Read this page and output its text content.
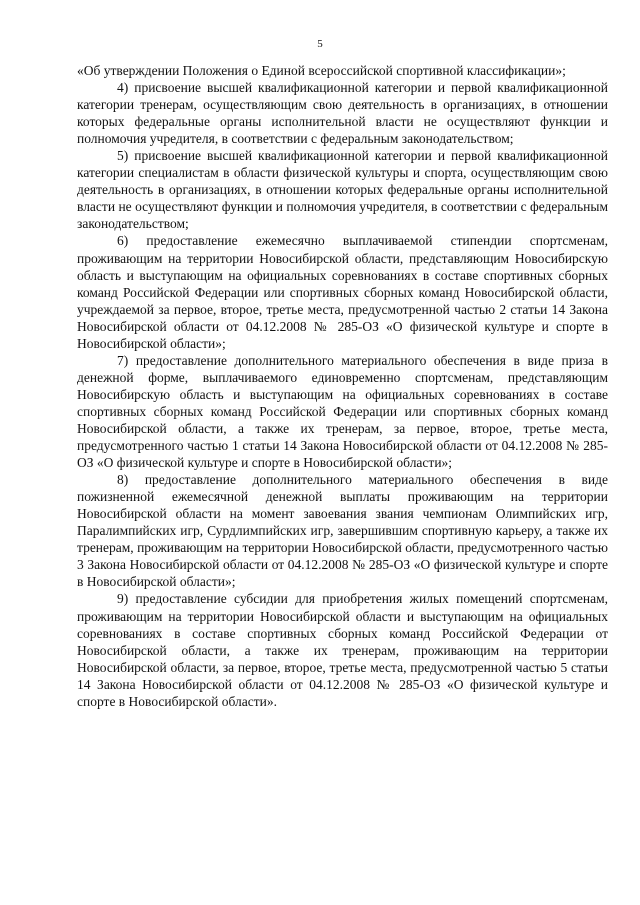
5

«Об утверждении Положения о Единой всероссийской спортивной классификации»;

4) присвоение высшей квалификационной категории и первой квалификационной категории тренерам, осуществляющим свою деятельность в организациях, в отношении которых федеральные органы исполнительной власти не осуществляют функции и полномочия учредителя, в соответствии с федеральным законодательством;

5) присвоение высшей квалификационной категории и первой квалификационной категории специалистам в области физической культуры и спорта, осуществляющим свою деятельность в организациях, в отношении которых федеральные органы исполнительной власти не осуществляют функции и полномочия учредителя, в соответствии с федеральным законодательством;

6) предоставление ежемесячно выплачиваемой стипендии спортсменам, проживающим на территории Новосибирской области, представляющим Новосибирскую область и выступающим на официальных соревнованиях в составе спортивных сборных команд Российской Федерации или спортивных сборных команд Новосибирской области, учреждаемой за первое, второе, третье места, предусмотренной частью 2 статьи 14 Закона Новосибирской области от 04.12.2008 № 285-ОЗ «О физической культуре и спорте в Новосибирской области»;

7) предоставление дополнительного материального обеспечения в виде приза в денежной форме, выплачиваемого единовременно спортсменам, представляющим Новосибирскую область и выступающим на официальных соревнованиях в составе спортивных сборных команд Российской Федерации или спортивных сборных команд Новосибирской области, а также их тренерам, за первое, второе, третье места, предусмотренного частью 1 статьи 14 Закона Новосибирской области от 04.12.2008 № 285-ОЗ «О физической культуре и спорте в Новосибирской области»;

8) предоставление дополнительного материального обеспечения в виде пожизненной ежемесячной денежной выплаты проживающим на территории Новосибирской области на момент завоевания звания чемпионам Олимпийских игр, Паралимпийских игр, Сурдлимпийских игр, завершившим спортивную карьеру, а также их тренерам, проживающим на территории Новосибирской области, предусмотренного частью 3 Закона Новосибирской области от 04.12.2008 № 285-ОЗ «О физической культуре и спорте в Новосибирской области»;

9) предоставление субсидии для приобретения жилых помещений спортсменам, проживающим на территории Новосибирской области и выступающим на официальных соревнованиях в составе спортивных сборных команд Российской Федерации от Новосибирской области, а также их тренерам, проживающим на территории Новосибирской области, за первое, второе, третье места, предусмотренной частью 5 статьи 14 Закона Новосибирской области от 04.12.2008 № 285-ОЗ «О физической культуре и спорте в Новосибирской области».
